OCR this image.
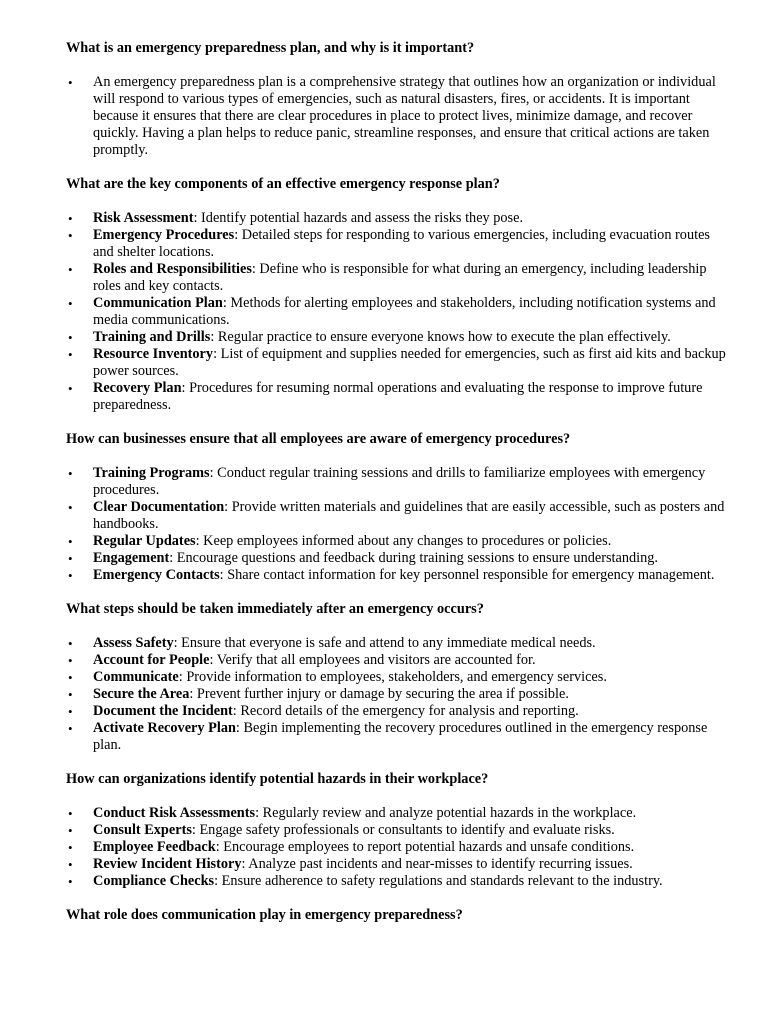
What is an emergency preparedness plan, and why is it important?

• An emergency preparedness plan is a comprehensive strategy that outlines how an organization or individual will respond to various types of emergencies, such as natural disasters, fires, or accidents. It is important because it ensures that there are clear procedures in place to protect lives, minimize damage, and recover quickly. Having a plan helps to reduce panic, streamline responses, and ensure that critical actions are taken promptly.

What are the key components of an effective emergency response plan?

• Risk Assessment: Identify potential hazards and assess the risks they pose.
• Emergency Procedures: Detailed steps for responding to various emergencies, including evacuation routes and shelter locations.
• Roles and Responsibilities: Define who is responsible for what during an emergency, including leadership roles and key contacts.
• Communication Plan: Methods for alerting employees and stakeholders, including notification systems and media communications.
• Training and Drills: Regular practice to ensure everyone knows how to execute the plan effectively.
• Resource Inventory: List of equipment and supplies needed for emergencies, such as first aid kits and backup power sources.
• Recovery Plan: Procedures for resuming normal operations and evaluating the response to improve future preparedness.

How can businesses ensure that all employees are aware of emergency procedures?

• Training Programs: Conduct regular training sessions and drills to familiarize employees with emergency procedures.
• Clear Documentation: Provide written materials and guidelines that are easily accessible, such as posters and handbooks.
• Regular Updates: Keep employees informed about any changes to procedures or policies.
• Engagement: Encourage questions and feedback during training sessions to ensure understanding.
• Emergency Contacts: Share contact information for key personnel responsible for emergency management.

What steps should be taken immediately after an emergency occurs?

• Assess Safety: Ensure that everyone is safe and attend to any immediate medical needs.
• Account for People: Verify that all employees and visitors are accounted for.
• Communicate: Provide information to employees, stakeholders, and emergency services.
• Secure the Area: Prevent further injury or damage by securing the area if possible.
• Document the Incident: Record details of the emergency for analysis and reporting.
• Activate Recovery Plan: Begin implementing the recovery procedures outlined in the emergency response plan.

How can organizations identify potential hazards in their workplace?

• Conduct Risk Assessments: Regularly review and analyze potential hazards in the workplace.
• Consult Experts: Engage safety professionals or consultants to identify and evaluate risks.
• Employee Feedback: Encourage employees to report potential hazards and unsafe conditions.
• Review Incident History: Analyze past incidents and near-misses to identify recurring issues.
• Compliance Checks: Ensure adherence to safety regulations and standards relevant to the industry.

What role does communication play in emergency preparedness?
